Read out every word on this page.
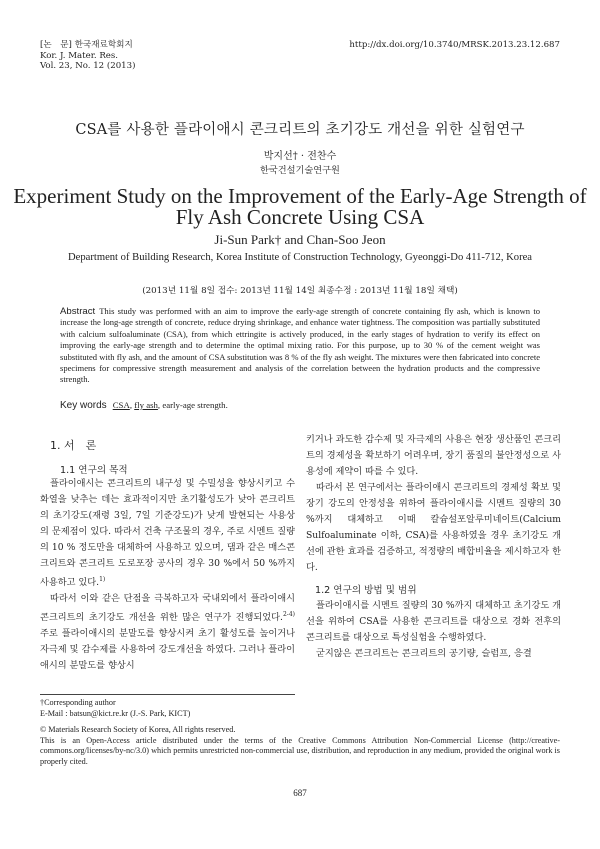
[논　문] 한국재료학회지
Kor. J. Mater. Res.
Vol. 23, No. 12 (2013)
http://dx.doi.org/10.3740/MRSK.2013.23.12.687
CSA를 사용한 플라이애시 콘크리트의 초기강도 개선을 위한 실험연구
박지선† · 전찬수
한국건설기술연구원
Experiment Study on the Improvement of the Early-Age Strength of
Fly Ash Concrete Using CSA
Ji-Sun Park† and Chan-Soo Jeon
Department of Building Research, Korea Institute of Construction Technology, Gyeonggi-Do 411-712, Korea
(2013년 11월 8일 접수: 2013년 11월 14일 최종수정 : 2013년 11월 18일 채택)
Abstract This study was performed with an aim to improve the early-age strength of concrete containing fly ash, which is known to increase the long-age strength of concrete, reduce drying shrinkage, and enhance water tightness. The composition was partially substituted with calcium sulfoaluminate (CSA), from which ettringite is actively produced, in the early stages of hydration to verify its effect on improving the early-age strength and to determine the optimal mixing ratio. For this purpose, up to 30 % of the cement weight was substituted with fly ash, and the amount of CSA substitution was 8 % of the fly ash weight. The mixtures were then fabricated into concrete specimens for compressive strength measurement and analysis of the correlation between the hydration products and the compressive strength.
Key words CSA, fly ash, early-age strength.
1. 서　론
1.1 연구의 목적

플라이애시는 콘크리트의 내구성 및 수밀성을 향상시키고 수화열을 낮추는 데는 효과적이지만 초기활성도가 낮아 콘크리트의 초기강도(재령 3일, 7일 기준강도)가 낮게 발현되는 사용상의 문제점이 있다. 따라서 건축 구조물의 경우, 주로 시멘트 질량의 10 % 정도만을 대체하여 사용하고 있으며, 댐과 같은 매스콘크리트와 콘크리트 도로포장 공사의 경우 30 %에서 50 %까지 사용하고 있다.$^{1)}$

따라서 이와 같은 단점을 극복하고자 국내외에서 플라이애시 콘크리트의 초기강도 개선을 위한 많은 연구가 진행되었다.$^{2-4)}$ 주로 플라이애시의 분말도를 향상시켜 초기 활성도를 높이거나 자극제 및 감수제를 사용하여 강도개선을 하였다. 그러나 플라이애시의 분말도를 향상시

키거나 과도한 감수제 및 자극제의 사용은 현장 생산품인 콘크리트의 경제성을 확보하기 어려우며, 장기 품질의 불안정성으로 사용성에 제약이 따를 수 있다.

따라서 본 연구에서는 플라이애시 콘크리트의 경제성 확보 및 장기 강도의 안정성을 위하여 플라이애시를 시멘트 질량의 30 %까지 대체하고 이때 칼슘설포알루미네이트(Calcium Sulfoaluminate 이하, CSA)를 사용하였을 경우 초기강도 개선에 관한 효과를 검증하고, 적정량의 배합비율을 제시하고자 한다.

1.2 연구의 방법 및 범위

플라이애시를 시멘트 질량의 30 %까지 대체하고 초기강도 개선을 위하여 CSA를 사용한 콘크리트를 대상으로 경화 전후의 콘크리트를 대상으로 특성실험을 수행하였다.

굳지않은 콘크리트는 콘크리트의 공기량, 슬럼프, 응결

†Corresponding author
E-Mail : batsun@kict.re.kr (J.-S. Park, KICT)
© Materials Research Society of Korea, All rights reserved.
This is an Open-Access article distributed under the terms of the Creative Commons Attribution Non-Commercial License (http://creative-commons.org/licenses/by-nc/3.0) which permits unrestricted non-commercial use, distribution, and reproduction in any medium, provided the original work is properly cited.
687
